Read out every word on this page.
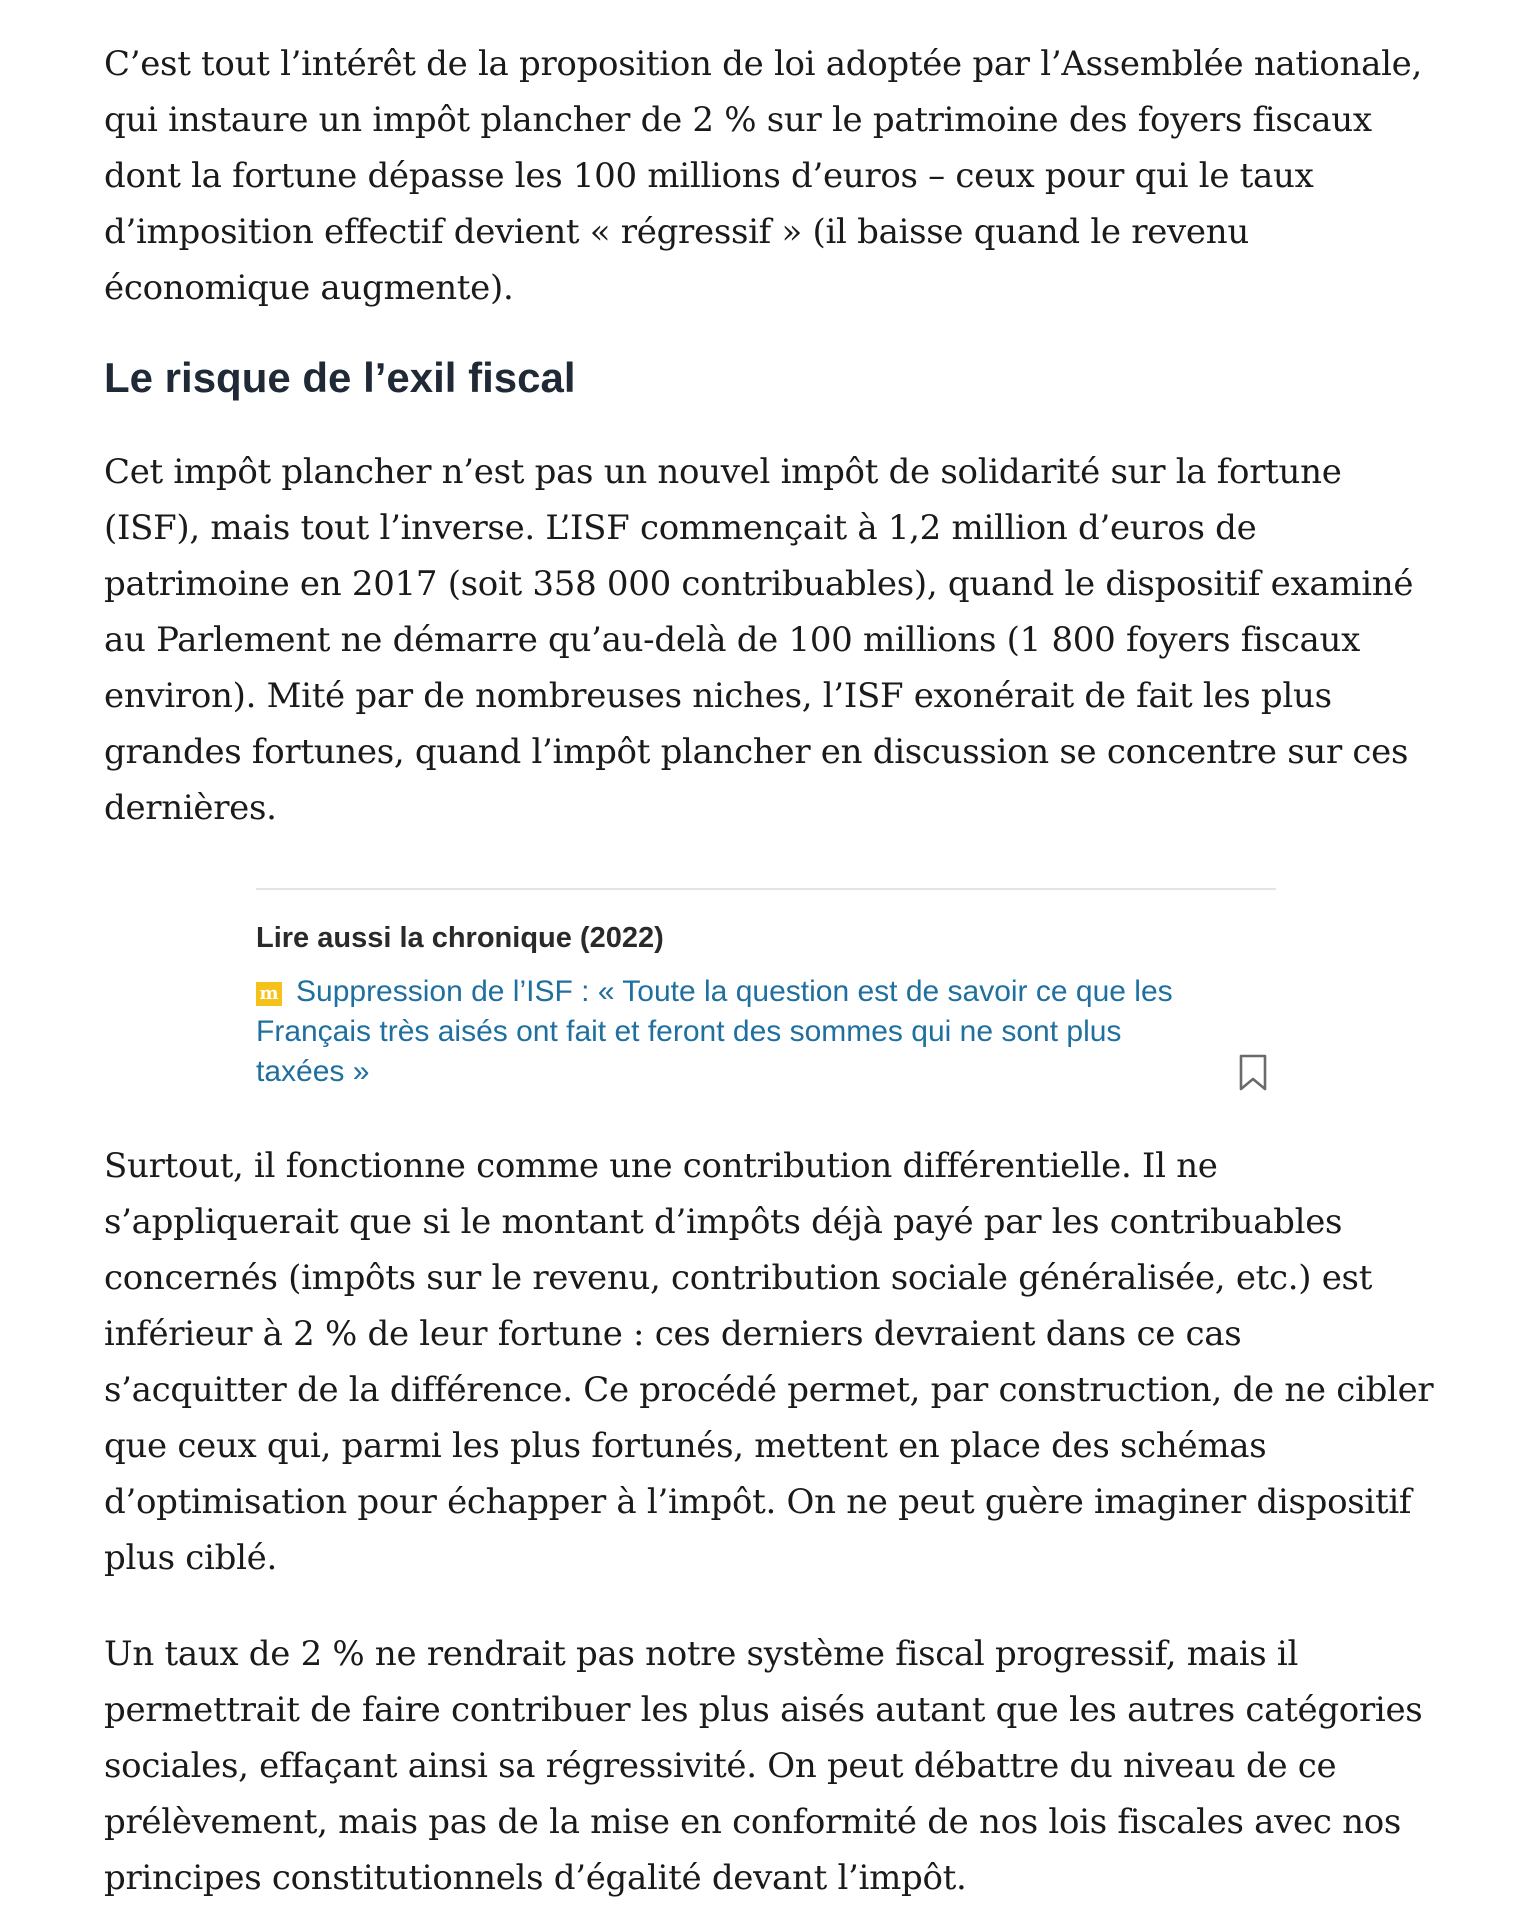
C’est tout l’intérêt de la proposition de loi adoptée par l’Assemblée nationale, qui instaure un impôt plancher de 2 % sur le patrimoine des foyers fiscaux dont la fortune dépasse les 100 millions d’euros – ceux pour qui le taux d’imposition effectif devient « régressif » (il baisse quand le revenu économique augmente).

Le risque de l’exil fiscal

Cet impôt plancher n’est pas un nouvel impôt de solidarité sur la fortune (ISF), mais tout l’inverse. L’ISF commençait à 1,2 million d’euros de patrimoine en 2017 (soit 358 000 contribuables), quand le dispositif examiné au Parlement ne démarre qu’au-delà de 100 millions (1 800 foyers fiscaux environ). Mité par de nombreuses niches, l’ISF exonérait de fait les plus grandes fortunes, quand l’impôt plancher en discussion se concentre sur ces dernières.

Lire aussi la chronique (2022)
m Suppression de l’ISF : « Toute la question est de savoir ce que les Français très aisés ont fait et feront des sommes qui ne sont plus taxées »

Surtout, il fonctionne comme une contribution différentielle. Il ne s’appliquerait que si le montant d’impôts déjà payé par les contribuables concernés (impôts sur le revenu, contribution sociale généralisée, etc.) est inférieur à 2 % de leur fortune : ces derniers devraient dans ce cas s’acquitter de la différence. Ce procédé permet, par construction, de ne cibler que ceux qui, parmi les plus fortunés, mettent en place des schémas d’optimisation pour échapper à l’impôt. On ne peut guère imaginer dispositif plus ciblé.

Un taux de 2 % ne rendrait pas notre système fiscal progressif, mais il permettrait de faire contribuer les plus aisés autant que les autres catégories sociales, effaçant ainsi sa régressivité. On peut débattre du niveau de ce prélèvement, mais pas de la mise en conformité de nos lois fiscales avec nos principes constitutionnels d’égalité devant l’impôt.
